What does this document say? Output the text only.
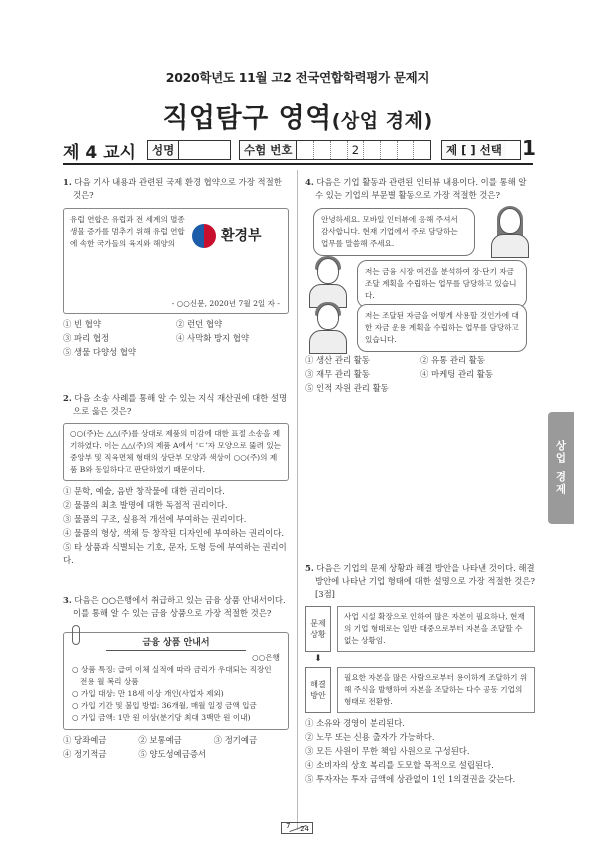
2020학년도 11월 고2 전국연합학력평가 문제지
직업탐구 영역(상업 경제)
제 4 교시	성명	수험 번호	2	제 [ ] 선택 1
1. 다음 기사 내용과 관련된 국제 환경 협약으로 가장 적절한 것은?
환경부
유럽 연합은 유럽과 전 세계의 멸종 생물 증가를 멈추기 위해 유럽 연합에 속한 국가들의 육지와 해양의
- ○○신문, 2020년 7월 2일 자 -
① 빈 협약	② 런던 협약
③ 파리 협정	④ 사막화 방지 협약
⑤ 생물 다양성 협약
2. 다음 소송 사례를 통해 알 수 있는 지식 재산권에 대한 설명으로 옳은 것은?
○○(주)는 △△(주)를 상대로 제품의 미감에 대한 표절 소송을 제기하였다. 이는 △△(주)의 제품 A에서 ‘ㄷ’자 모양으로 뚫려 있는 중앙부 및 직육면체 형태의 상단부 모양과 색상이 ○○(주)의 제품 B와 동일하다고 판단하였기 때문이다.
① 문학, 예술, 음반 창작물에 대한 권리이다.
② 물품의 최초 발명에 대한 독점적 권리이다.
③ 물품의 구조, 실용적 개선에 부여하는 권리이다.
④ 물품의 형상, 색채 등 창작된 디자인에 부여하는 권리이다.
⑤ 타 상품과 식별되는 기호, 문자, 도형 등에 부여하는 권리이다.
3. 다음은 ○○은행에서 취급하고 있는 금융 상품 안내서이다. 이를 통해 알 수 있는 금융 상품으로 가장 적절한 것은?
금융 상품 안내서
○○은행
○ 상품 특징: 급여 이체 실적에 따라 금리가 우대되는 직장인 전용 월 복리 상품
○ 가입 대상: 만 18세 이상 개인(사업자 제외)
○ 가입 기간 및 불입 방법: 36개월, 매월 일정 금액 입금
○ 가입 금액: 1만 원 이상(분기당 최대 3백만 원 이내)
① 당좌예금	② 보통예금	③ 정기예금
④ 정기적금	⑤ 양도성예금증서
4. 다음은 기업 활동과 관련된 인터뷰 내용이다. 이를 통해 알 수 있는 기업의 부문별 활동으로 가장 적절한 것은?
안녕하세요. 모바일 인터뷰에 응해 주셔서 감사합니다. 현재 기업에서 주로 담당하는 업무를 말씀해 주세요.
저는 금융 시장 여건을 분석하여 장·단기 자금 조달 계획을 수립하는 업무를 담당하고 있습니다.
저는 조달된 자금을 어떻게 사용할 것인가에 대한 자금 운용 계획을 수립하는 업무를 담당하고 있습니다.
① 생산 관리 활동	② 유통 관리 활동
③ 재무 관리 활동	④ 마케팅 관리 활동
⑤ 인적 자원 관리 활동
5. 다음은 기업의 문제 상황과 해결 방안을 나타낸 것이다. 해결 방안에 나타난 기업 형태에 대한 설명으로 가장 적절한 것은? [3점]
문제 상황
사업 시설 확장으로 인하여 많은 자본이 필요하나, 현재의 기업 형태로는 일반 대중으로부터 자본을 조달할 수 없는 상황임.
⬇
해결 방안
필요한 자본을 많은 사람으로부터 용이하게 조달하기 위해 주식을 발행하여 자본을 조달하는 다수 공동 기업의 형태로 전환함.
① 소유와 경영이 분리된다.
② 노무 또는 신용 출자가 가능하다.
③ 모든 사원이 무한 책임 사원으로 구성된다.
④ 소비자의 상호 복리를 도모할 목적으로 설립된다.
⑤ 투자자는 투자 금액에 상관없이 1인 1의결권을 갖는다.
상업 경제
7 24
